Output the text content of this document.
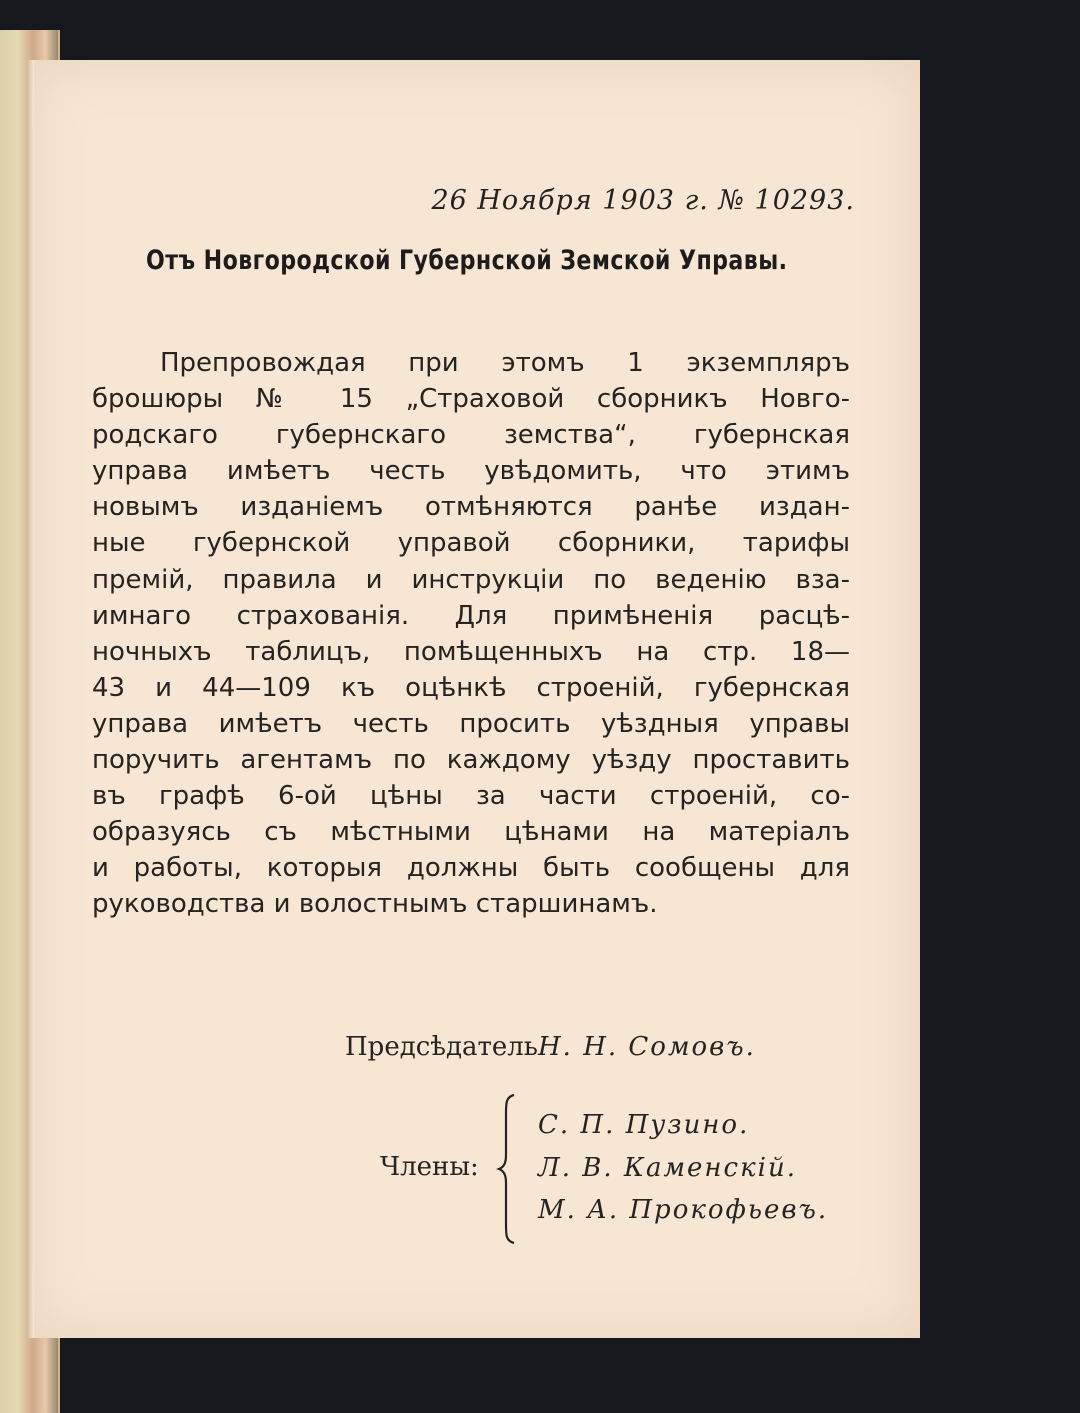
26 Ноября 1903 г. № 10293.
Отъ Новгородской Губернской Земской Управы.
Препровождая при этомъ 1 экземпляръ
брошюры № 15 „Страховой сборникъ Новго-
родскаго губернскаго земства“, губернская
управа имѣетъ честь увѣдомить, что этимъ
новымъ изданіемъ отмѣняются ранѣе издан-
ные губернской управой сборники, тарифы
премій, правила и инструкціи по веденію вза-
имнаго страхованія. Для примѣненія расцѣ-
ночныхъ таблицъ, помѣщенныхъ на стр. 18—
43 и 44—109 къ оцѣнкѣ строеній, губернская
управа имѣетъ честь просить уѣздныя управы
поручить агентамъ по каждому уѣзду проставить
въ графѣ 6-ой цѣны за части строеній, со-
образуясь съ мѣстными цѣнами на матеріалъ
и работы, которыя должны быть сообщены для
руководства и волостнымъ старшинамъ.
Предсѣдатель Н. Н. Сомовъ.
Члены:
С. П. Пузино.
Л. В. Каменскій.
М. А. Прокофьевъ.
